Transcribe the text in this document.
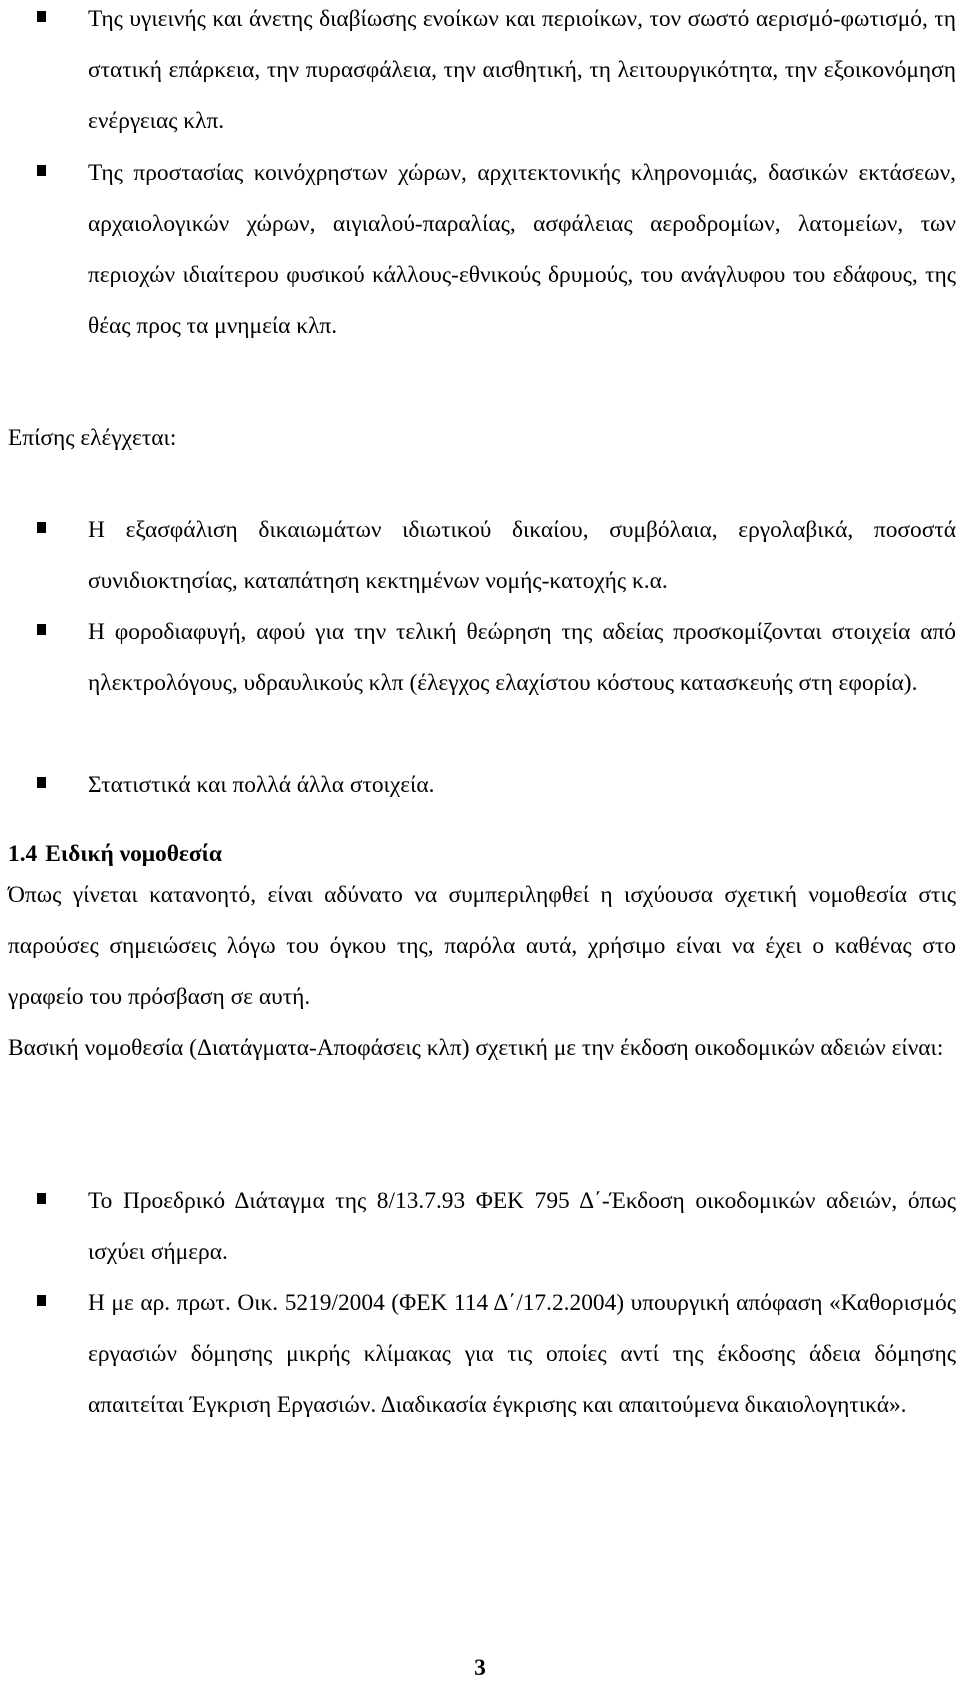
Της υγιεινής και άνετης διαβίωσης ενοίκων και περιοίκων, τον σωστό αερισμό-φωτισμό, τη στατική επάρκεια, την πυρασφάλεια, την αισθητική, τη λειτουργικότητα, την εξοικονόμηση ενέργειας κλπ.
Της προστασίας κοινόχρηστων χώρων, αρχιτεκτονικής κληρονομιάς, δασικών εκτάσεων, αρχαιολογικών χώρων, αιγιαλού-παραλίας, ασφάλειας αεροδρομίων, λατομείων, των περιοχών ιδιαίτερου φυσικού κάλλους-εθνικούς δρυμούς, του ανάγλυφου του εδάφους, της θέας προς τα μνημεία κλπ.
Επίσης ελέγχεται:
Η εξασφάλιση δικαιωμάτων ιδιωτικού δικαίου, συμβόλαια, εργολαβικά, ποσοστά συνιδιοκτησίας, καταπάτηση κεκτημένων νομής-κατοχής κ.α.
Η φοροδιαφυγή, αφού για την τελική θεώρηση της αδείας προσκομίζονται στοιχεία από ηλεκτρολόγους, υδραυλικούς κλπ (έλεγχος ελαχίστου κόστους κατασκευής στη εφορία).
Στατιστικά και πολλά άλλα στοιχεία.
1.4 Ειδική νομοθεσία
Όπως γίνεται κατανοητό, είναι αδύνατο να συμπεριληφθεί η ισχύουσα σχετική νομοθεσία στις παρούσες σημειώσεις λόγω του όγκου της, παρόλα αυτά, χρήσιμο είναι να έχει ο καθένας στο γραφείο του πρόσβαση σε αυτή.
Βασική νομοθεσία (Διατάγματα-Αποφάσεις κλπ) σχετική με την έκδοση οικοδομικών αδειών είναι:
Το Προεδρικό Διάταγμα της 8/13.7.93 ΦΕΚ 795 Δ΄-Έκδοση οικοδομικών αδειών, όπως ισχύει σήμερα.
Η με αρ. πρωτ. Οικ. 5219/2004 (ΦΕΚ 114 Δ΄/17.2.2004) υπουργική απόφαση «Καθορισμός εργασιών δόμησης μικρής κλίμακας για τις οποίες αντί της έκδοσης άδεια δόμησης απαιτείται Έγκριση Εργασιών. Διαδικασία έγκρισης και απαιτούμενα δικαιολογητικά».
3
